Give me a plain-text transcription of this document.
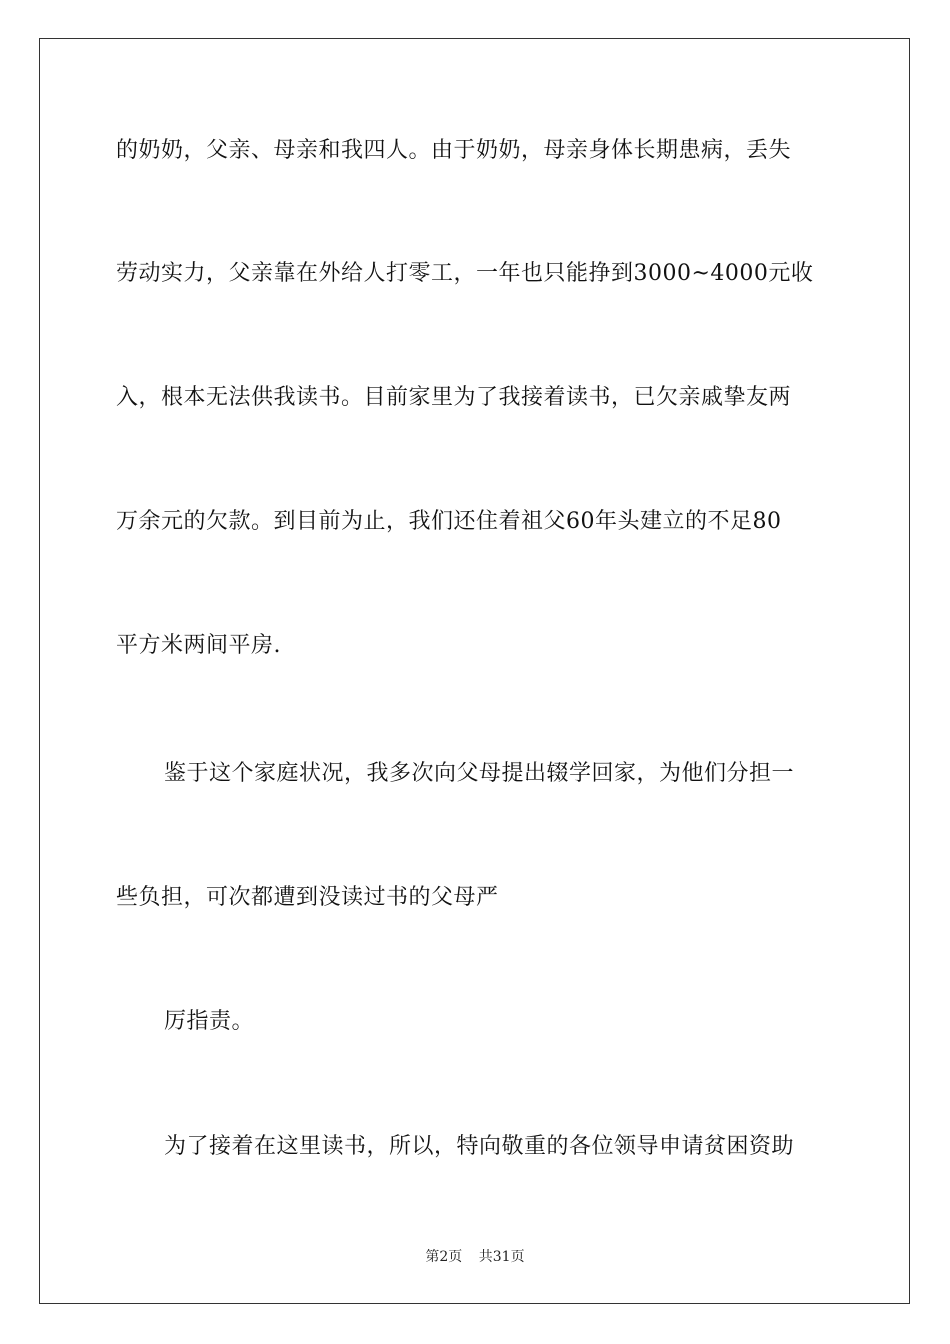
的奶奶，父亲、母亲和我四人。由于奶奶，母亲身体长期患病，丢失
劳动实力，父亲靠在外给人打零工，一年也只能挣到3000~4000元收
入，根本无法供我读书。目前家里为了我接着读书，已欠亲戚挚友两
万余元的欠款。到目前为止，我们还住着祖父60年头建立的不足80
平方米两间平房.
鉴于这个家庭状况，我多次向父母提出辍学回家，为他们分担一
些负担，可次都遭到没读过书的父母严
厉指责。
为了接着在这里读书，所以，特向敬重的各位领导申请贫困资助
第2页 共31页
